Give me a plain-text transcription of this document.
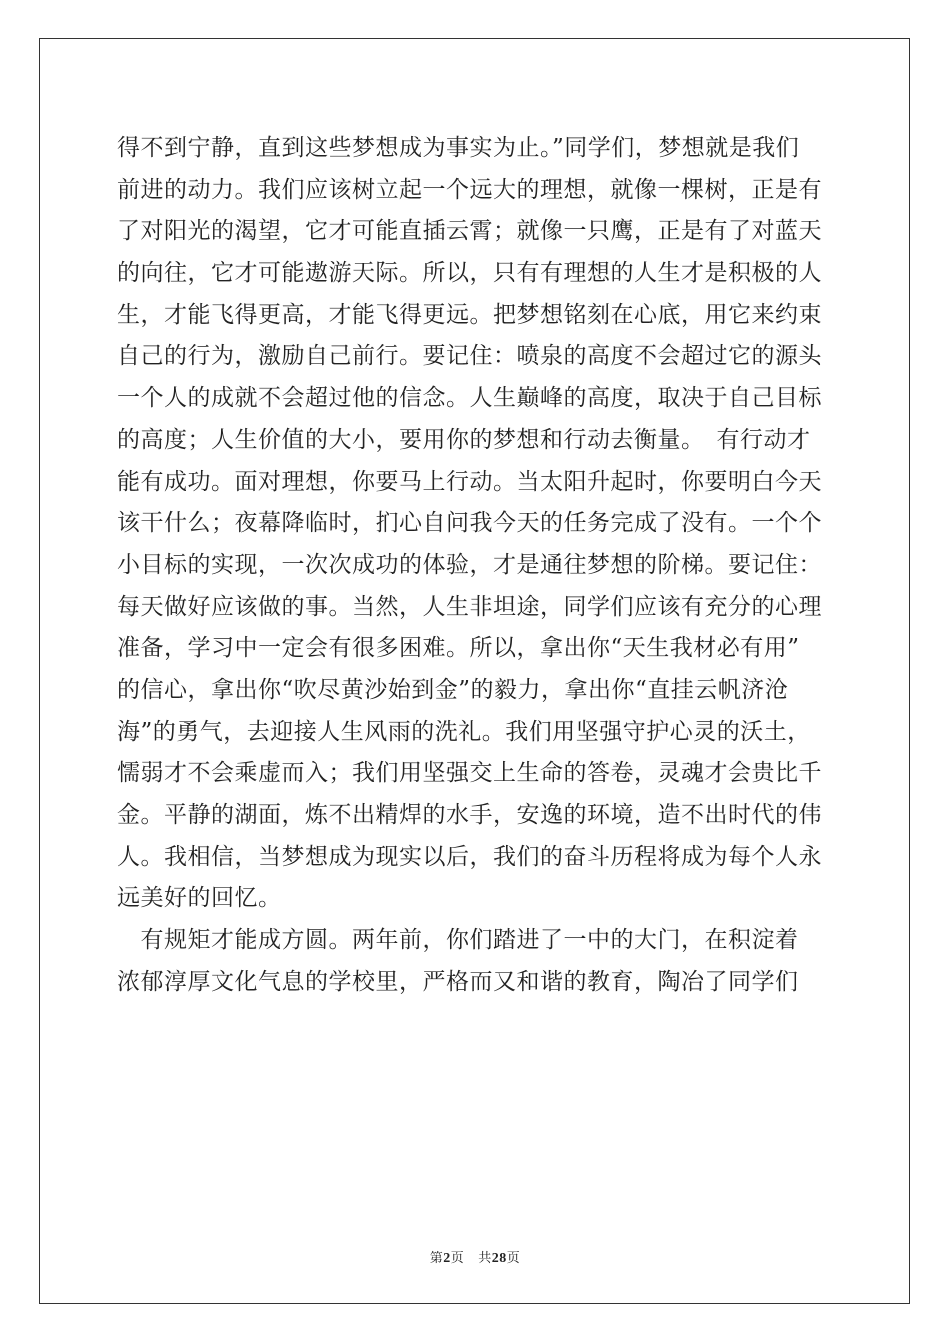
得不到宁静，直到这些梦想成为事实为止。”同学们，梦想就是我们
前进的动力。我们应该树立起一个远大的理想，就像一棵树，正是有
了对阳光的渴望，它才可能直插云霄；就像一只鹰，正是有了对蓝天
的向往，它才可能遨游天际。所以，只有有理想的人生才是积极的人
生，才能飞得更高，才能飞得更远。把梦想铭刻在心底，用它来约束
自己的行为，激励自己前行。要记住：喷泉的高度不会超过它的源头
一个人的成就不会超过他的信念。人生巅峰的高度，取决于自己目标
的高度；人生价值的大小，要用你的梦想和行动去衡量。　有行动才
能有成功。面对理想，你要马上行动。当太阳升起时，你要明白今天
该干什么；夜幕降临时，扪心自问我今天的任务完成了没有。一个个
小目标的实现，一次次成功的体验，才是通往梦想的阶梯。要记住：
每天做好应该做的事。当然，人生非坦途，同学们应该有充分的心理
准备，学习中一定会有很多困难。所以，拿出你“天生我材必有用”
的信心，拿出你“吹尽黄沙始到金”的毅力，拿出你“直挂云帆济沧
海”的勇气，去迎接人生风雨的洗礼。我们用坚强守护心灵的沃土，
懦弱才不会乘虚而入；我们用坚强交上生命的答卷，灵魂才会贵比千
金。平静的湖面，炼不出精焊的水手，安逸的环境，造不出时代的伟
人。我相信，当梦想成为现实以后，我们的奋斗历程将成为每个人永
远美好的回忆。
　有规矩才能成方圆。两年前，你们踏进了一中的大门，在积淀着
浓郁淳厚文化气息的学校里，严格而又和谐的教育，陶冶了同学们
第2页 共28页
